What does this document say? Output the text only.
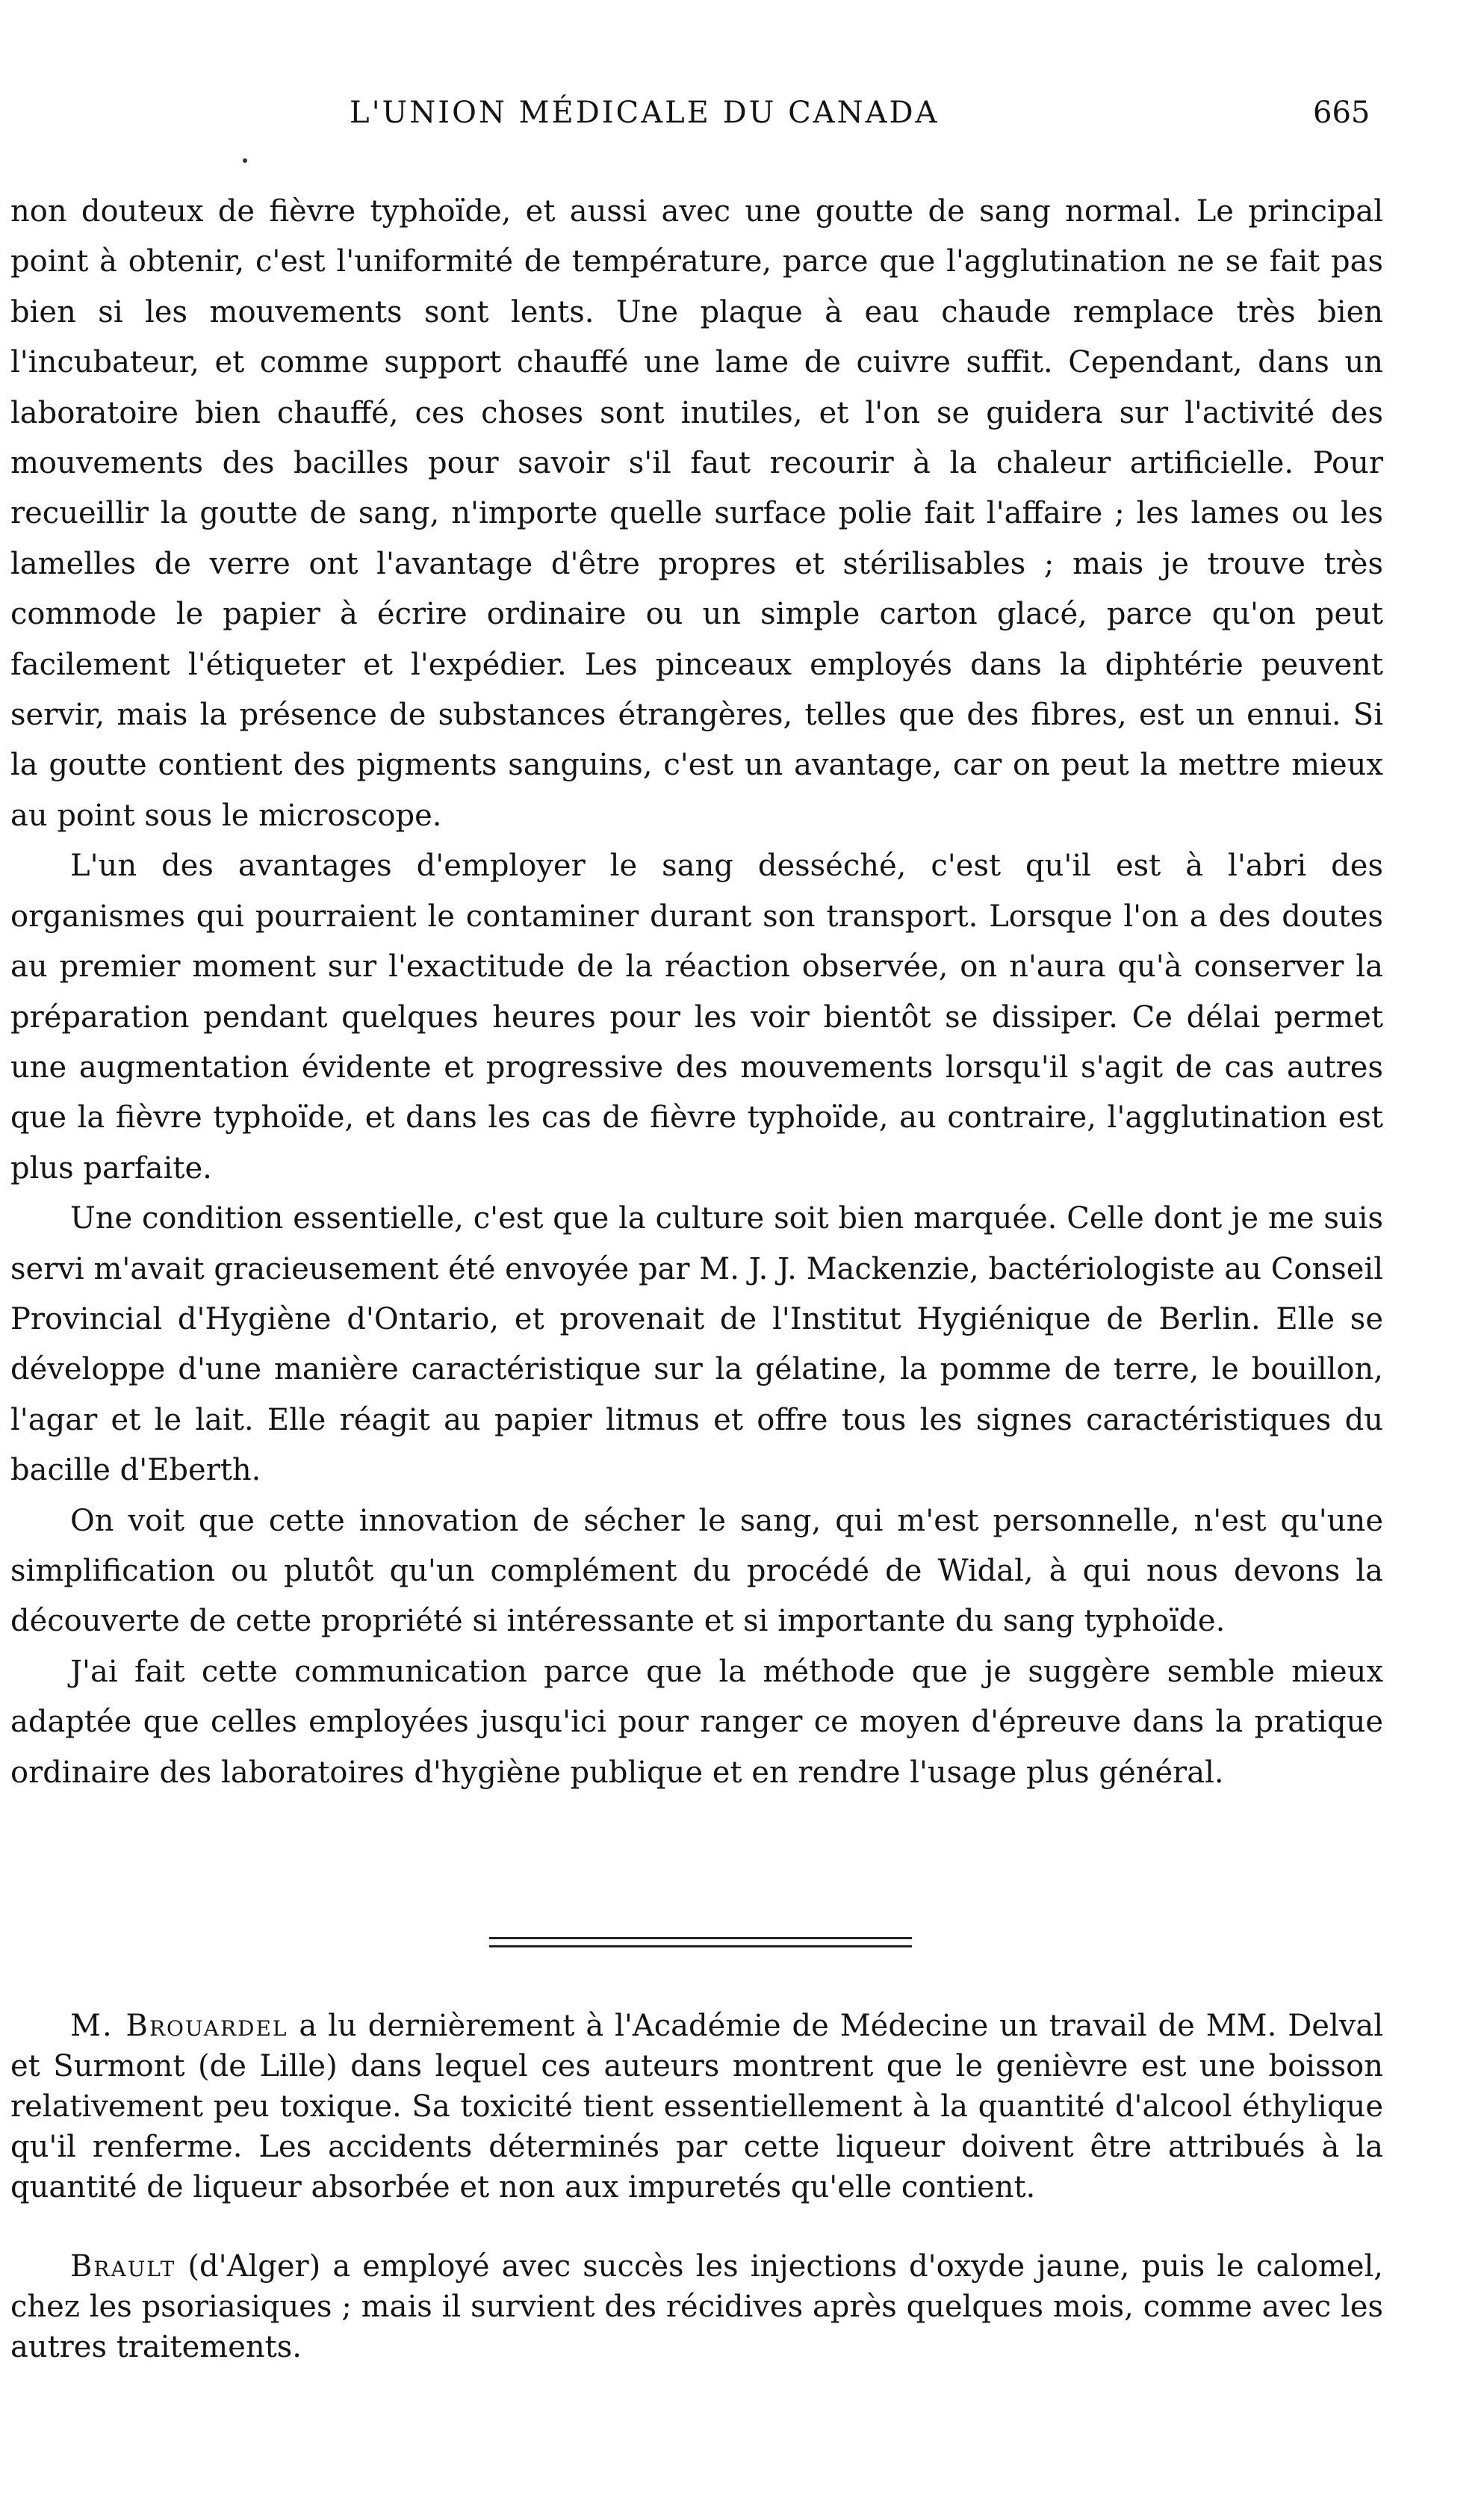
L'UNION MÉDICALE DU CANADA	665

non douteux de fièvre typhoïde, et aussi avec une goutte de sang normal. Le principal point à obtenir, c'est l'uniformité de température, parce que l'agglutination ne se fait pas bien si les mouvements sont lents. Une plaque à eau chaude remplace très bien l'incubateur, et comme support chauffé une lame de cuivre suffit. Cependant, dans un laboratoire bien chauffé, ces choses sont inutiles, et l'on se guidera sur l'activité des mouvements des bacilles pour savoir s'il faut recourir à la chaleur artificielle. Pour recueillir la goutte de sang, n'importe quelle surface polie fait l'affaire ; les lames ou les lamelles de verre ont l'avantage d'être propres et stérilisables ; mais je trouve très commode le papier à écrire ordinaire ou un simple carton glacé, parce qu'on peut facilement l'étiqueter et l'expédier. Les pinceaux employés dans la diphtérie peuvent servir, mais la présence de substances étrangères, telles que des fibres, est un ennui. Si la goutte contient des pigments sanguins, c'est un avantage, car on peut la mettre mieux au point sous le microscope.

L'un des avantages d'employer le sang desséché, c'est qu'il est à l'abri des organismes qui pourraient le contaminer durant son transport. Lorsque l'on a des doutes au premier moment sur l'exactitude de la réaction observée, on n'aura qu'à conserver la préparation pendant quelques heures pour les voir bientôt se dissiper. Ce délai permet une augmentation évidente et progressive des mouvements lorsqu'il s'agit de cas autres que la fièvre typhoïde, et dans les cas de fièvre typhoïde, au contraire, l'agglutination est plus parfaite.

Une condition essentielle, c'est que la culture soit bien marquée. Celle dont je me suis servi m'avait gracieusement été envoyée par M. J. J. Mackenzie, bactériologiste au Conseil Provincial d'Hygiène d'Ontario, et provenait de l'Institut Hygiénique de Berlin. Elle se développe d'une manière caractéristique sur la gélatine, la pomme de terre, le bouillon, l'agar et le lait. Elle réagit au papier litmus et offre tous les signes caractéristiques du bacille d'Eberth.

On voit que cette innovation de sécher le sang, qui m'est personnelle, n'est qu'une simplification ou plutôt qu'un complément du procédé de Widal, à qui nous devons la découverte de cette propriété si intéressante et si importante du sang typhoïde.

J'ai fait cette communication parce que la méthode que je suggère semble mieux adaptée que celles employées jusqu'ici pour ranger ce moyen d'épreuve dans la pratique ordinaire des laboratoires d'hygiène publique et en rendre l'usage plus général.

M. Brouardel a lu dernièrement à l'Académie de Médecine un travail de MM. Delval et Surmont (de Lille) dans lequel ces auteurs montrent que le genièvre est une boisson relativement peu toxique. Sa toxicité tient essentiellement à la quantité d'alcool éthylique qu'il renferme. Les accidents déterminés par cette liqueur doivent être attribués à la quantité de liqueur absorbée et non aux impuretés qu'elle contient.

Brault (d'Alger) a employé avec succès les injections d'oxyde jaune, puis le calomel, chez les psoriasiques ; mais il survient des récidives après quelques mois, comme avec les autres traitements.
